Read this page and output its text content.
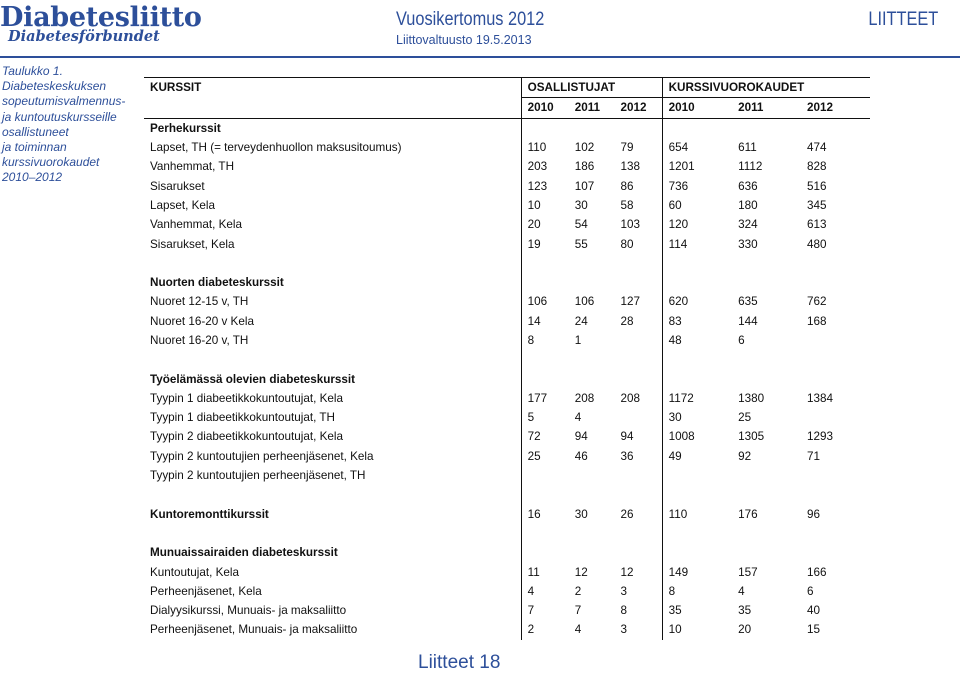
Diabetesliitto
Diabetesförbundet
Vuosikertomus 2012
Liittovaltuusto 19.5.2013
LIITTEET
Taulukko 1.
Diabeteskeskuksen
sopeutumisvalmennus-
ja kuntoutuskursseille
osallistuneet
ja toiminnan
kurssivuorokaudet
2010–2012
KURSSIT	OSALLISTUJAT			KURSSIVUOROKAUDET		
	2010	2011	2012	2010	2011	2012
Perhekurssit						
Lapset, TH (= terveydenhuollon maksusitoumus)	110	102	79	654	611	474
Vanhemmat, TH	203	186	138	1201	1112	828
Sisarukset	123	107	86	736	636	516
Lapset, Kela	10	30	58	60	180	345
Vanhemmat, Kela	20	54	103	120	324	613
Sisarukset, Kela	19	55	80	114	330	480

Nuorten diabeteskurssit						
Nuoret 12-15 v, TH	106	106	127	620	635	762
Nuoret 16-20 v Kela	14	24	28	83	144	168
Nuoret 16-20 v, TH	8	1		48	6	

Työelämässä olevien diabeteskurssit						
Tyypin 1 diabeetikkokuntoutujat, Kela	177	208	208	1172	1380	1384
Tyypin 1 diabeetikkokuntoutujat, TH	5	4		30	25	
Tyypin 2 diabeetikkokuntoutujat, Kela	72	94	94	1008	1305	1293
Tyypin 2 kuntoutujien perheenjäsenet, Kela	25	46	36	49	92	71
Tyypin 2 kuntoutujien perheenjäsenet, TH						

Kuntoremonttikurssit	16	30	26	110	176	96

Munuaissairaiden diabeteskurssit						
Kuntoutujat, Kela	11	12	12	149	157	166
Perheenjäsenet, Kela	4	2	3	8	4	6
Dialyysikurssi, Munuais- ja maksaliitto	7	7	8	35	35	40
Perheenjäsenet, Munuais- ja maksaliitto	2	4	3	10	20	15
Liitteet 18
